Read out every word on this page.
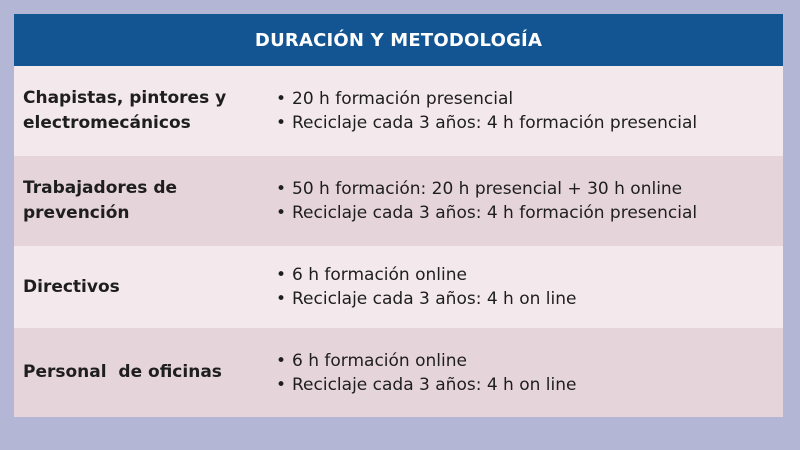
DURACIÓN Y METODOLOGÍA
Chapistas, pintores y
electromecánicos
• 20 h formación presencial
• Reciclaje cada 3 años: 4 h formación presencial
Trabajadores de
prevención
• 50 h formación: 20 h presencial + 30 h online
• Reciclaje cada 3 años: 4 h formación presencial
Directivos
• 6 h formación online
• Reciclaje cada 3 años: 4 h on line
Personal  de oficinas
• 6 h formación online
• Reciclaje cada 3 años: 4 h on line
